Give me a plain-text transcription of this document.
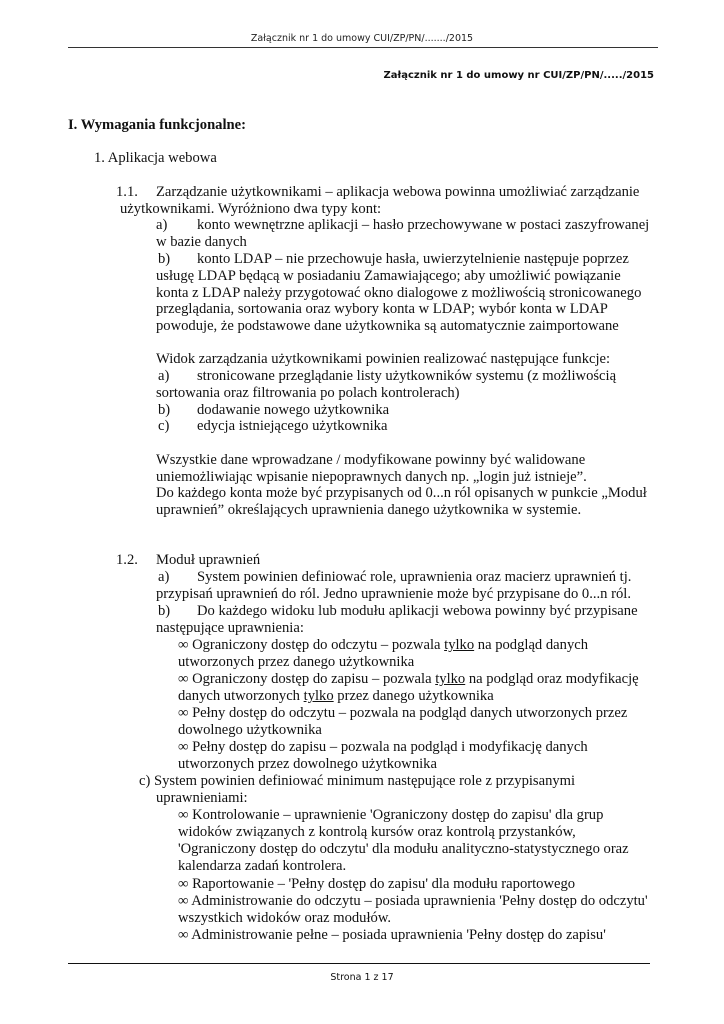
Załącznik nr 1 do umowy CUI/ZP/PN/......./2015
Załącznik nr 1 do umowy nr CUI/ZP/PN/...../2015
I. Wymagania funkcjonalne:
1. Aplikacja webowa
1.1. Zarządzanie użytkownikami – aplikacja webowa powinna umożliwiać zarządzanie
użytkownikami. Wyróżniono dwa typy kont:
a) konto wewnętrzne aplikacji – hasło przechowywane w postaci zaszyfrowanej
w bazie danych
b) konto LDAP – nie przechowuje hasła, uwierzytelnienie następuje poprzez
usługę LDAP będącą w posiadaniu Zamawiającego; aby umożliwić powiązanie
konta z LDAP należy przygotować okno dialogowe z możliwością stronicowanego
przeglądania, sortowania oraz wybory konta w LDAP; wybór konta w LDAP
powoduje, że podstawowe dane użytkownika są automatycznie zaimportowane
Widok zarządzania użytkownikami powinien realizować następujące funkcje:
a) stronicowane przeglądanie listy użytkowników systemu (z możliwością
sortowania oraz filtrowania po polach kontrolerach)
b) dodawanie nowego użytkownika
c) edycja istniejącego użytkownika
Wszystkie dane wprowadzane / modyfikowane powinny być walidowane
uniemożliwiając wpisanie niepoprawnych danych np. „login już istnieje”.
Do każdego konta może być przypisanych od 0...n ról opisanych w punkcie „Moduł
uprawnień” określających uprawnienia danego użytkownika w systemie.
1.2. Moduł uprawnień
a) System powinien definiować role, uprawnienia oraz macierz uprawnień tj.
przypisań uprawnień do ról. Jedno uprawnienie może być przypisane do 0...n ról.
b) Do każdego widoku lub modułu aplikacji webowa powinny być przypisane
następujące uprawnienia:
∞ Ograniczony dostęp do odczytu – pozwala tylko na podgląd danych
utworzonych przez danego użytkownika
∞ Ograniczony dostęp do zapisu – pozwala tylko na podgląd oraz modyfikację
danych utworzonych tylko przez danego użytkownika
∞ Pełny dostęp do odczytu – pozwala na podgląd danych utworzonych przez
dowolnego użytkownika
∞ Pełny dostęp do zapisu – pozwala na podgląd i modyfikację danych
utworzonych przez dowolnego użytkownika
c) System powinien definiować minimum następujące role z przypisanymi
uprawnieniami:
∞ Kontrolowanie – uprawnienie 'Ograniczony dostęp do zapisu' dla grup
widoków związanych z kontrolą kursów oraz kontrolą przystanków,
'Ograniczony dostęp do odczytu' dla modułu analityczno-statystycznego oraz
kalendarza zadań kontrolera.
∞ Raportowanie – 'Pełny dostęp do zapisu' dla modułu raportowego
∞ Administrowanie do odczytu – posiada uprawnienia 'Pełny dostęp do odczytu'
wszystkich widoków oraz modułów.
∞ Administrowanie pełne – posiada uprawnienia 'Pełny dostęp do zapisu'
Strona 1 z 17
